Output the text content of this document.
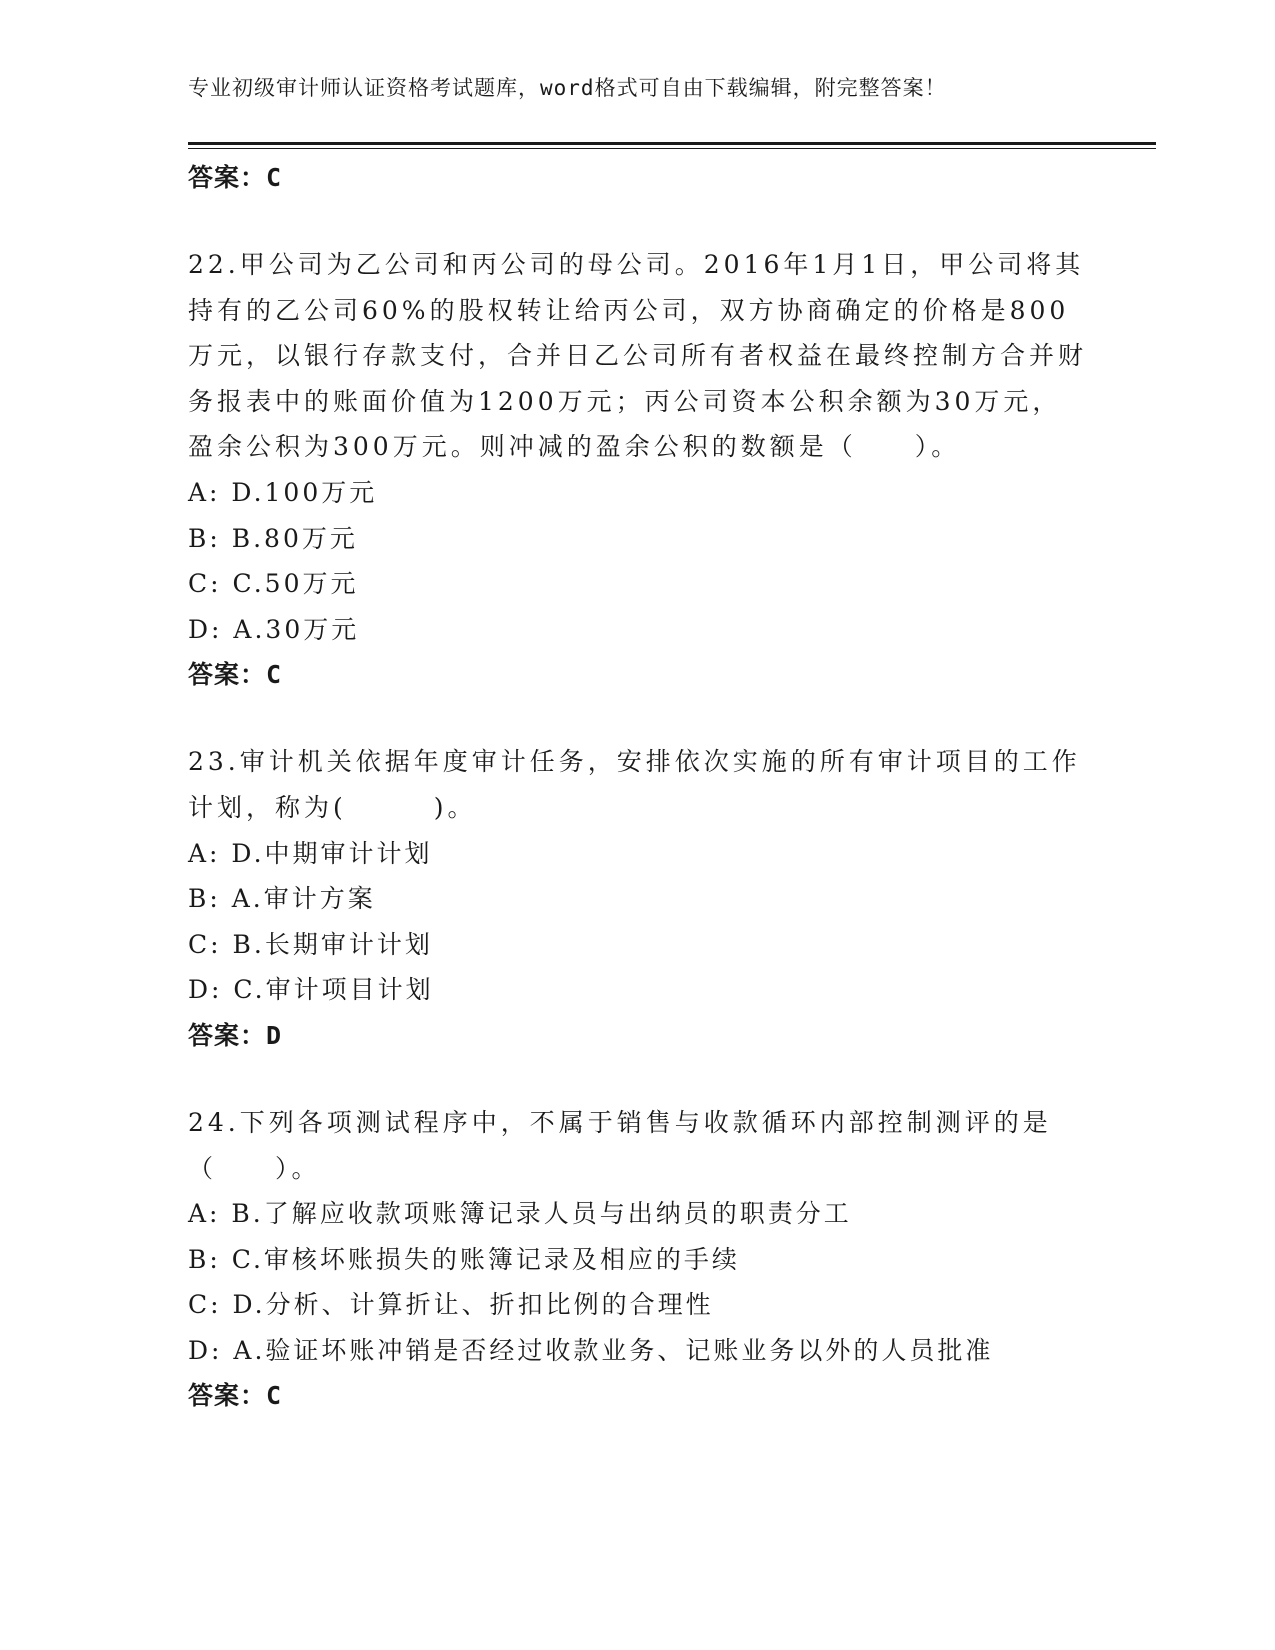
专业初级审计师认证资格考试题库，word格式可自由下载编辑，附完整答案！
答案：C

22.甲公司为乙公司和丙公司的母公司。2016年1月1日，甲公司将其持有的乙公司60%的股权转让给丙公司，双方协商确定的价格是800万元，以银行存款支付，合并日乙公司所有者权益在最终控制方合并财务报表中的账面价值为1200万元；丙公司资本公积余额为30万元，盈余公积为300万元。则冲减的盈余公积的数额是（　　）。

A: D.100万元
B: B.80万元
C: C.50万元
D: A.30万元
答案：C

23.审计机关依据年度审计任务，安排依次实施的所有审计项目的工作计划，称为(　　　)。

A: D.中期审计计划
B: A.审计方案
C: B.长期审计计划
D: C.审计项目计划
答案：D

24.下列各项测试程序中，不属于销售与收款循环内部控制测评的是（　　）。

A: B.了解应收款项账簿记录人员与出纳员的职责分工
B: C.审核坏账损失的账簿记录及相应的手续
C: D.分析、计算折让、折扣比例的合理性
D: A.验证坏账冲销是否经过收款业务、记账业务以外的人员批准
答案：C
